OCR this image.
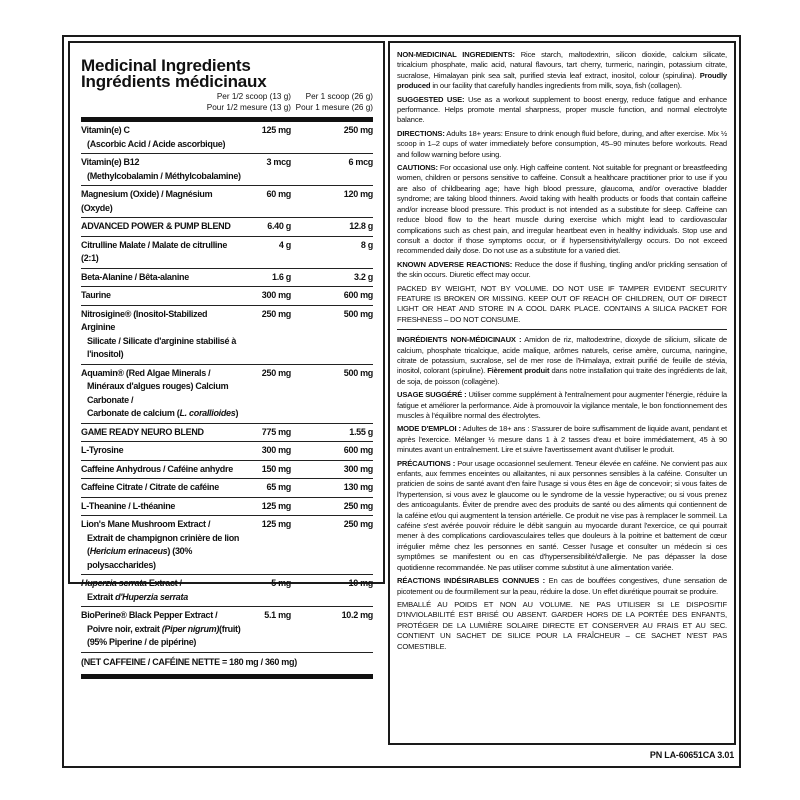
Medicinal Ingredients
Ingrédients médicinaux
Per 1/2 scoop (13 g)
Pour 1/2 mesure (13 g)
Per 1 scoop (26 g)
Pour 1 mesure (26 g)
Vitamin(e) C
(Ascorbic Acid / Acide ascorbique)
125 mg	250 mg
Vitamin(e) B12
(Methylcobalamin / Méthylcobalamine)
3 mcg	6 mcg
Magnesium (Oxide) / Magnésium (Oxyde)
60 mg	120 mg
ADVANCED POWER & PUMP BLEND	6.40 g	12.8 g
Citrulline Malate / Malate de citrulline (2:1)
4 g	8 g
Beta-Alanine / Bêta-alanine	1.6 g	3.2 g
Taurine	300 mg	600 mg
Nitrosigine® (Inositol-Stabilized Arginine
Silicate / Silicate d'arginine stabilisé à l'inositol)
250 mg	500 mg
Aquamin® (Red Algae Minerals /
Minéraux d'algues rouges) Calcium Carbonate /
Carbonate de calcium (L. corallioides)
250 mg	500 mg
GAME READY NEURO BLEND	775 mg	1.55 g
L-Tyrosine	300 mg	600 mg
Caffeine Anhydrous / Caféine anhydre	150 mg	300 mg
Caffeine Citrate / Citrate de caféine	65 mg	130 mg
L-Theanine / L-théanine	125 mg	250 mg
Lion's Mane Mushroom Extract /
Extrait de champignon crinière de lion
(Hericium erinaceus) (30% polysaccharides)
125 mg	250 mg
Huperzia serrata Extract /
Extrait d'Huperzia serrata
5 mg	10 mg
BioPerine® Black Pepper Extract /
Poivre noir, extrait (Piper nigrum)(fruit) (95% Piperine / de pipérine)
5.1 mg	10.2 mg
(NET CAFFEINE / CAFÉINE NETTE = 180 mg / 360 mg)

NON-MEDICINAL INGREDIENTS: Rice starch, maltodextrin, silicon dioxide, calcium silicate, tricalcium phosphate, malic acid, natural flavours, tart cherry, turmeric, naringin, potassium citrate, sucralose, Himalayan pink sea salt, purified stevia leaf extract, inositol, colour (spirulina). Proudly produced in our facility that carefully handles ingredients from milk, soya, fish (collagen).

SUGGESTED USE: Use as a workout supplement to boost energy, reduce fatigue and enhance performance. Helps promote mental sharpness, proper muscle function, and normal electrolyte balance.

DIRECTIONS: Adults 18+ years: Ensure to drink enough fluid before, during, and after exercise. Mix ½ scoop in 1–2 cups of water immediately before consumption, 45–90 minutes before workouts. Read and follow warning before using.

CAUTIONS: For occasional use only. High caffeine content. Not suitable for pregnant or breastfeeding women, children or persons sensitive to caffeine. Consult a healthcare practitioner prior to use if you are also of childbearing age; have high blood pressure, glaucoma, and/or overactive bladder syndrome; are taking blood thinners. Avoid taking with health products or foods that contain caffeine and/or increase blood pressure. This product is not intended as a substitute for sleep. Caffeine can reduce blood flow to the heart muscle during exercise which might lead to cardiovascular complications such as chest pain, and irregular heartbeat even in healthy individuals. Stop use and consult a doctor if those symptoms occur, or if hypersensitivity/allergy occurs. Do not exceed recommended daily dose. Do not use as a substitute for a varied diet.

KNOWN ADVERSE REACTIONS: Reduce the dose if flushing, tingling and/or prickling sensation of the skin occurs. Diuretic effect may occur.

PACKED BY WEIGHT, NOT BY VOLUME. DO NOT USE IF TAMPER EVIDENT SECURITY FEATURE IS BROKEN OR MISSING. KEEP OUT OF REACH OF CHILDREN, OUT OF DIRECT LIGHT OR HEAT AND STORE IN A COOL DARK PLACE. CONTAINS A SILICA PACKET FOR FRESHNESS – DO NOT CONSUME.

INGRÉDIENTS NON-MÉDICINAUX : Amidon de riz, maltodextrine, dioxyde de silicium, silicate de calcium, phosphate tricalcique, acide malique, arômes naturels, cerise amère, curcuma, naringine, citrate de potassium, sucralose, sel de mer rose de l'Himalaya, extrait purifié de feuille de stévia, inositol, colorant (spiruline). Fièrement produit dans notre installation qui traite des ingrédients de lait, de soja, de poisson (collagène).

USAGE SUGGÉRÉ : Utiliser comme supplément à l'entraînement pour augmenter l'énergie, réduire la fatigue et améliorer la performance. Aide à promouvoir la vigilance mentale, le bon fonctionnement des muscles à l'équilibre normal des électrolytes.

MODE D'EMPLOI : Adultes de 18+ ans : S'assurer de boire suffisamment de liquide avant, pendant et après l'exercice. Mélanger ½ mesure dans 1 à 2 tasses d'eau et boire immédiatement, 45 à 90 minutes avant un entraînement. Lire et suivre l'avertissement avant d'utiliser le produit.

PRÉCAUTIONS : Pour usage occasionnel seulement. Teneur élevée en caféine. Ne convient pas aux enfants, aux femmes enceintes ou allaitantes, ni aux personnes sensibles à la caféine. Consulter un praticien de soins de santé avant d'en faire l'usage si vous êtes en âge de concevoir; si vous faites de l'hypertension, si vous avez le glaucome ou le syndrome de la vessie hyperactive; ou si vous prenez des anticoagulants. Éviter de prendre avec des produits de santé ou des aliments qui contiennent de la caféine et/ou qui augmentent la tension artérielle. Ce produit ne vise pas à remplacer le sommeil. La caféine s'est avérée pouvoir réduire le débit sanguin au myocarde durant l'exercice, ce qui pourrait mener à des complications cardiovasculaires telles que douleurs à la poitrine et battement de cœur irrégulier même chez les personnes en santé. Cesser l'usage et consulter un médecin si ces symptômes se manifestent ou en cas d'hypersensibilité/d'allergie. Ne pas dépasser la dose quotidienne recommandée. Ne pas utiliser comme substitut à une alimentation variée.

RÉACTIONS INDÉSIRABLES CONNUES : En cas de bouffées congestives, d'une sensation de picotement ou de fourmillement sur la peau, réduire la dose. Un effet diurétique pourrait se produire.

EMBALLÉ AU POIDS ET NON AU VOLUME. NE PAS UTILISER SI LE DISPOSITIF D'INVIOLABILITÉ EST BRISÉ OU ABSENT. GARDER HORS DE LA PORTÉE DES ENFANTS, PROTÉGER DE LA LUMIÈRE SOLAIRE DIRECTE ET CONSERVER AU FRAIS ET AU SEC. CONTIENT UN SACHET DE SILICE POUR LA FRAÎCHEUR – CE SACHET N'EST PAS COMESTIBLE.

PN LA-60651CA 3.01
